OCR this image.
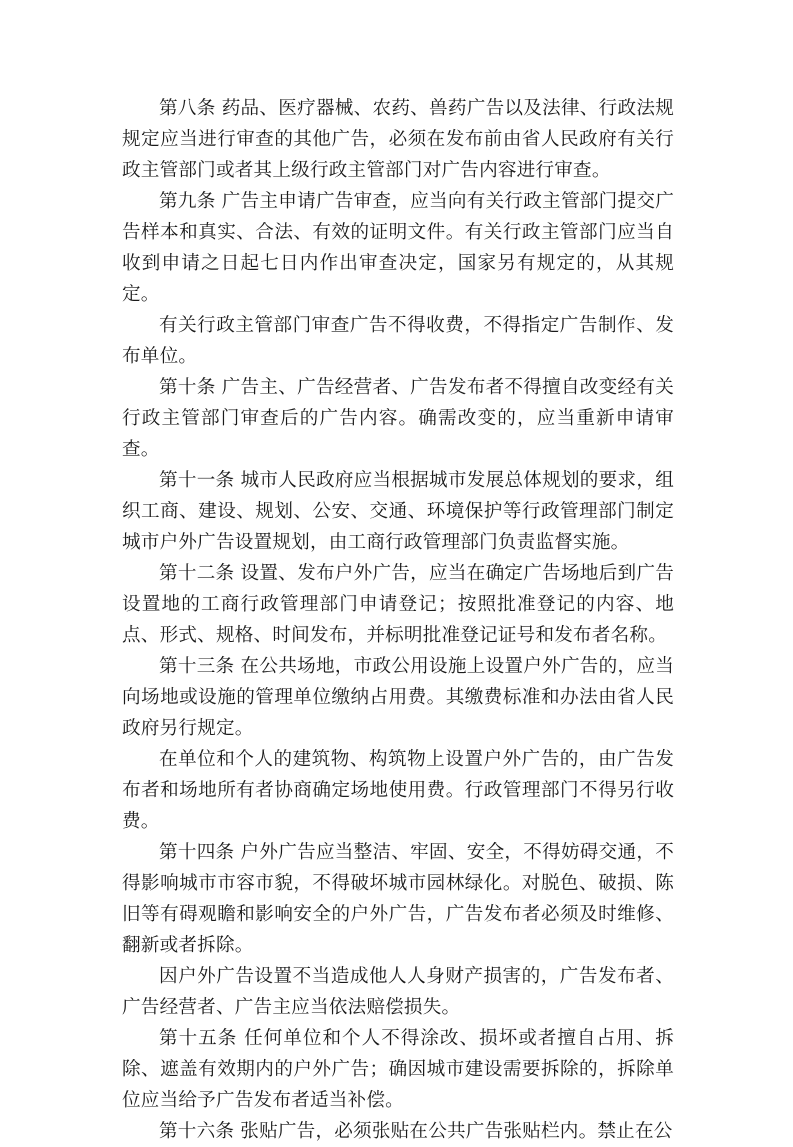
第八条 药品、医疗器械、农药、兽药广告以及法律、行政法规规定应当进行审查的其他广告，必须在发布前由省人民政府有关行政主管部门或者其上级行政主管部门对广告内容进行审查。

第九条 广告主申请广告审查，应当向有关行政主管部门提交广告样本和真实、合法、有效的证明文件。有关行政主管部门应当自收到申请之日起七日内作出审查决定，国家另有规定的，从其规定。

有关行政主管部门审查广告不得收费，不得指定广告制作、发布单位。

第十条 广告主、广告经营者、广告发布者不得擅自改变经有关行政主管部门审查后的广告内容。确需改变的，应当重新申请审查。

第十一条 城市人民政府应当根据城市发展总体规划的要求，组织工商、建设、规划、公安、交通、环境保护等行政管理部门制定城市户外广告设置规划，由工商行政管理部门负责监督实施。

第十二条 设置、发布户外广告，应当在确定广告场地后到广告设置地的工商行政管理部门申请登记；按照批准登记的内容、地点、形式、规格、时间发布，并标明批准登记证号和发布者名称。

第十三条 在公共场地，市政公用设施上设置户外广告的，应当向场地或设施的管理单位缴纳占用费。其缴费标准和办法由省人民政府另行规定。

在单位和个人的建筑物、构筑物上设置户外广告的，由广告发布者和场地所有者协商确定场地使用费。行政管理部门不得另行收费。

第十四条 户外广告应当整洁、牢固、安全，不得妨碍交通，不得影响城市市容市貌，不得破坏城市园林绿化。对脱色、破损、陈旧等有碍观瞻和影响安全的户外广告，广告发布者必须及时维修、翻新或者拆除。

因户外广告设置不当造成他人人身财产损害的，广告发布者、广告经营者、广告主应当依法赔偿损失。

第十五条 任何单位和个人不得涂改、损坏或者擅自占用、拆除、遮盖有效期内的户外广告；确因城市建设需要拆除的，拆除单位应当给予广告发布者适当补偿。

第十六条 张贴广告，必须张贴在公共广告张贴栏内。禁止在公
